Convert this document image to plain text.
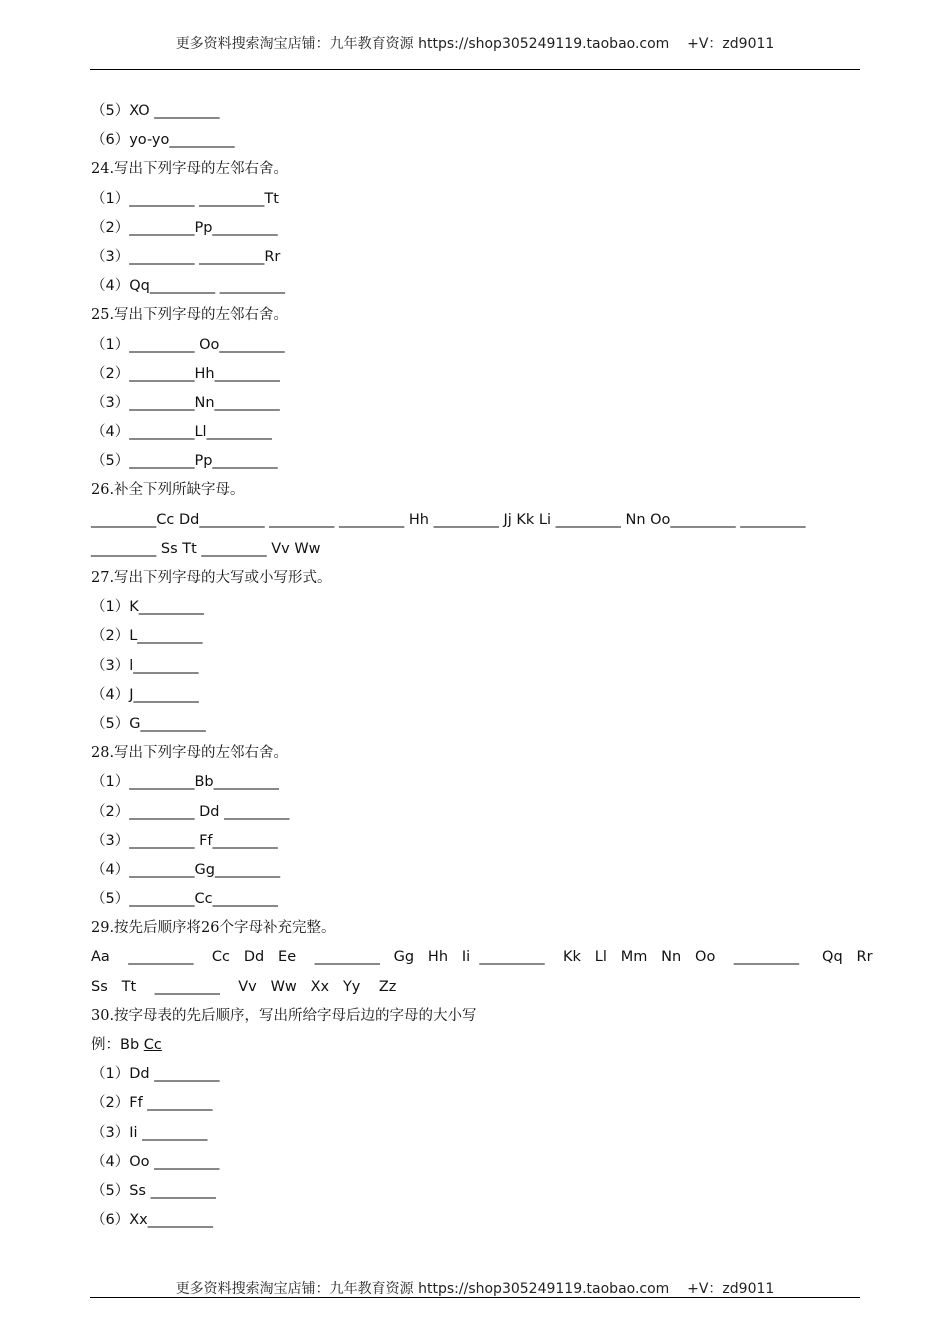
更多资料搜索淘宝店铺：九年教育资源 https://shop305249119.taobao.com    +V：zd9011
（5）XO _________
（6）yo-yo_________
24.写出下列字母的左邻右舍。
（1）_________ _________Tt
（2）_________Pp_________
（3）_________ _________Rr
（4）Qq_________ _________
25.写出下列字母的左邻右舍。
（1）_________ Oo_________
（2）_________Hh_________
（3）_________Nn_________
（4）_________Ll_________
（5）_________Pp_________
26.补全下列所缺字母。
_________Cc Dd_________ _________ _________ Hh _________ Jj Kk Li _________ Nn Oo_________ _________
_________ Ss Tt _________ Vv Ww
27.写出下列字母的大写或小写形式。
（1）K_________
（2）L_________
（3）l_________
（4）J_________
（5）G_________
28.写出下列字母的左邻右舍。
（1）_________Bb_________
（2）_________ Dd _________
（3）_________ Ff_________
（4）_________Gg_________
（5）_________Cc_________
29.按先后顺序将26个字母补充完整。
Aa    _________    Cc   Dd   Ee    _________   Gg   Hh   Ii  _________    Kk   Ll   Mm   Nn   Oo    _________     Qq   Rr
Ss   Tt    _________    Vv   Ww   Xx   Yy    Zz
30.按字母表的先后顺序，写出所给字母后边的字母的大小写
例：Bb Cc
（1）Dd _________
（2）Ff _________
（3）Ii _________
（4）Oo _________
（5）Ss _________
（6）Xx_________
更多资料搜索淘宝店铺：九年教育资源 https://shop305249119.taobao.com    +V：zd9011
